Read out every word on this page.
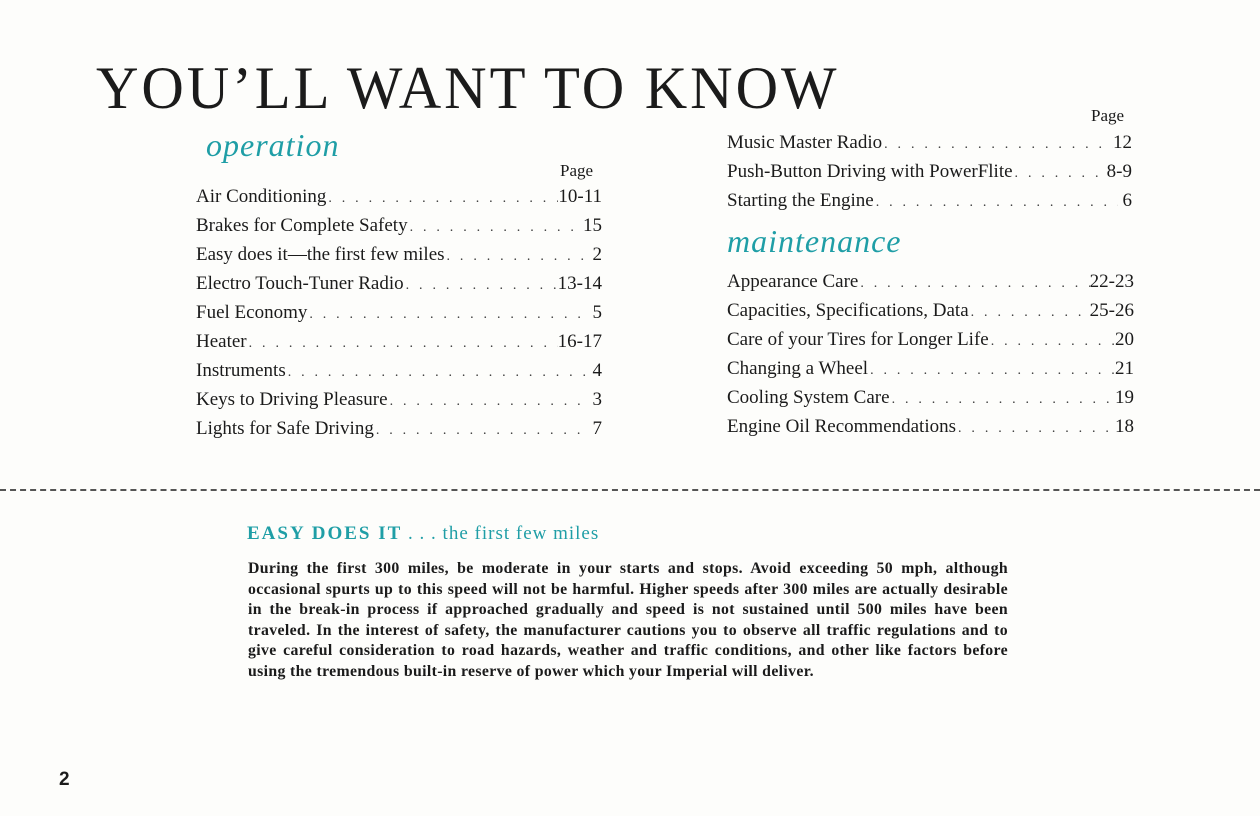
YOU’LL WANT TO KNOW
operation
Page
Air Conditioning . . .	10-11
Brakes for Complete Safety . . .	15
Easy does it—the first few miles . . .	2
Electro Touch-Tuner Radio . . .	13-14
Fuel Economy . . .	5
Heater . . .	16-17
Instruments . . .	4
Keys to Driving Pleasure . . .	3
Lights for Safe Driving . . .	7
Page
Music Master Radio . . .	12
Push-Button Driving with PowerFlite . . .	8-9
Starting the Engine . . .	6
maintenance
Appearance Care . . .	22-23
Capacities, Specifications, Data . . .	25-26
Care of your Tires for Longer Life . . .	20
Changing a Wheel . . .	21
Cooling System Care . . .	19
Engine Oil Recommendations . . .	18
EASY DOES IT . . . the first few miles

During the first 300 miles, be moderate in your starts and stops. Avoid exceeding 50 mph, although occasional spurts up to this speed will not be harmful. Higher speeds after 300 miles are actually desirable in the break-in process if approached gradually and speed is not sustained until 500 miles have been traveled. In the interest of safety, the manufacturer cautions you to observe all traffic regulations and to give careful consideration to road hazards, weather and traffic conditions, and other like factors before using the tremendous built-in reserve of power which your Imperial will deliver.

2
